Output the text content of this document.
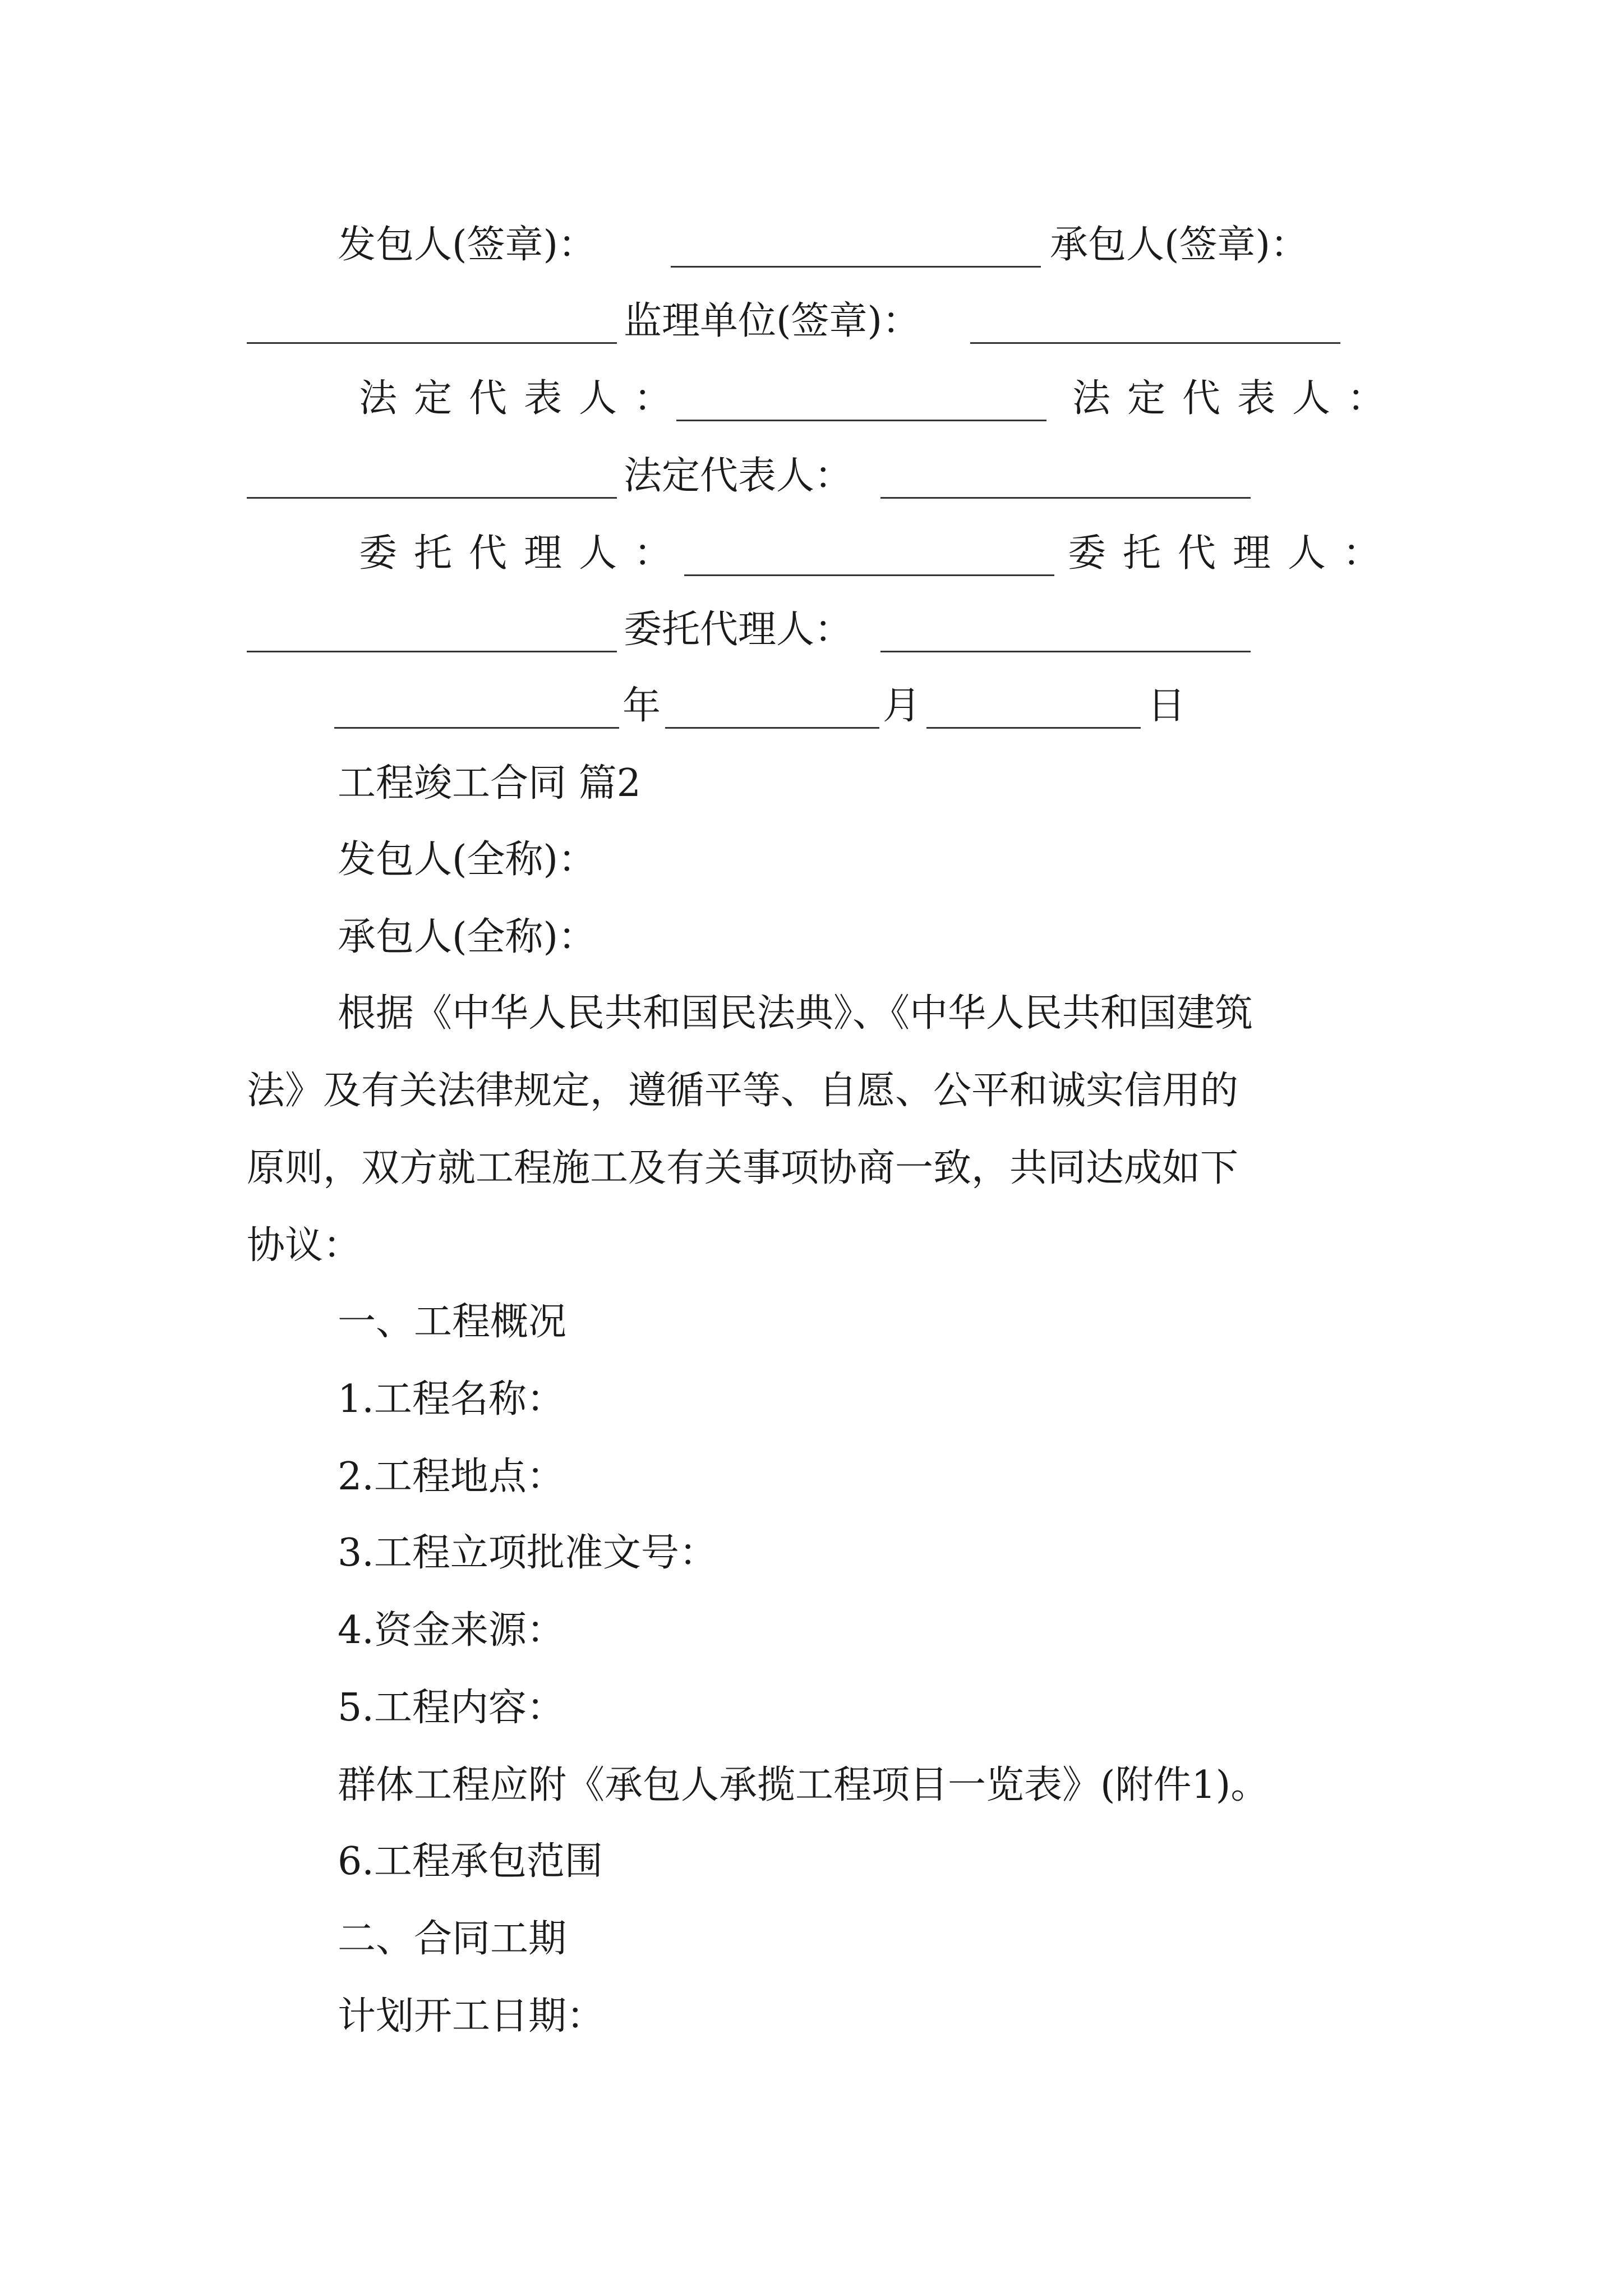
发包人(签章)：	承包人(签章)：
监理单位(签章)：
法定代表人：	法定代表人：
法定代表人：
委托代理人：	委托代理人：
委托代理人：
年	月	日
工程竣工合同 篇2
发包人(全称)：
承包人(全称)：
根据《中华人民共和国民法典》、《中华人民共和国建筑
法》及有关法律规定，遵循平等、自愿、公平和诚实信用的
原则，双方就工程施工及有关事项协商一致，共同达成如下
协议：
一、工程概况
1.工程名称：
2.工程地点：
3.工程立项批准文号：
4.资金来源：
5.工程内容：
群体工程应附《承包人承揽工程项目一览表》(附件1)。
6.工程承包范围
二、合同工期
计划开工日期：
